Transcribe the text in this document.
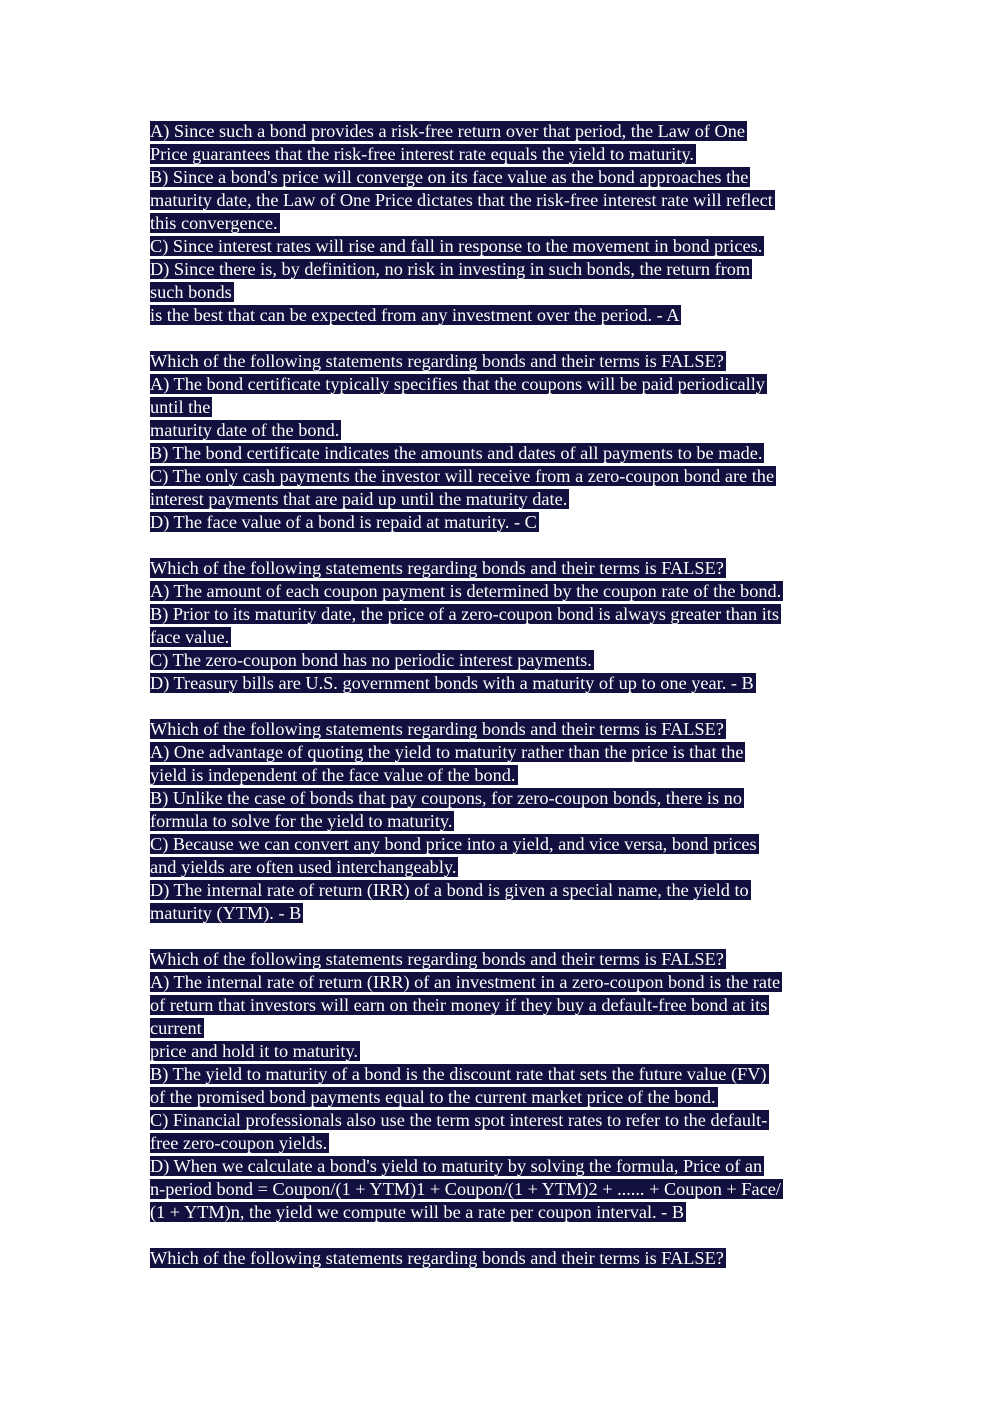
A) Since such a bond provides a risk-free return over that period, the Law of One
Price guarantees that the risk-free interest rate equals the yield to maturity.
B) Since a bond's price will converge on its face value as the bond approaches the
maturity date, the Law of One Price dictates that the risk-free interest rate will reflect
this convergence.
C) Since interest rates will rise and fall in response to the movement in bond prices.
D) Since there is, by definition, no risk in investing in such bonds, the return from
such bonds
is the best that can be expected from any investment over the period. - A
Which of the following statements regarding bonds and their terms is FALSE?
A) The bond certificate typically specifies that the coupons will be paid periodically
until the
maturity date of the bond.
B) The bond certificate indicates the amounts and dates of all payments to be made.
C) The only cash payments the investor will receive from a zero-coupon bond are the
interest payments that are paid up until the maturity date.
D) The face value of a bond is repaid at maturity. - C
Which of the following statements regarding bonds and their terms is FALSE?
A) The amount of each coupon payment is determined by the coupon rate of the bond.
B) Prior to its maturity date, the price of a zero-coupon bond is always greater than its
face value.
C) The zero-coupon bond has no periodic interest payments.
D) Treasury bills are U.S. government bonds with a maturity of up to one year. - B
Which of the following statements regarding bonds and their terms is FALSE?
A) One advantage of quoting the yield to maturity rather than the price is that the
yield is independent of the face value of the bond.
B) Unlike the case of bonds that pay coupons, for zero-coupon bonds, there is no
formula to solve for the yield to maturity.
C) Because we can convert any bond price into a yield, and vice versa, bond prices
and yields are often used interchangeably.
D) The internal rate of return (IRR) of a bond is given a special name, the yield to
maturity (YTM). - B
Which of the following statements regarding bonds and their terms is FALSE?
A) The internal rate of return (IRR) of an investment in a zero-coupon bond is the rate
of return that investors will earn on their money if they buy a default-free bond at its
current
price and hold it to maturity.
B) The yield to maturity of a bond is the discount rate that sets the future value (FV)
of the promised bond payments equal to the current market price of the bond.
C) Financial professionals also use the term spot interest rates to refer to the default-
free zero-coupon yields.
D) When we calculate a bond's yield to maturity by solving the formula, Price of an
n-period bond = Coupon/(1 + YTM)1 + Coupon/(1 + YTM)2 + ...... + Coupon + Face/
(1 + YTM)n, the yield we compute will be a rate per coupon interval. - B
Which of the following statements regarding bonds and their terms is FALSE?
